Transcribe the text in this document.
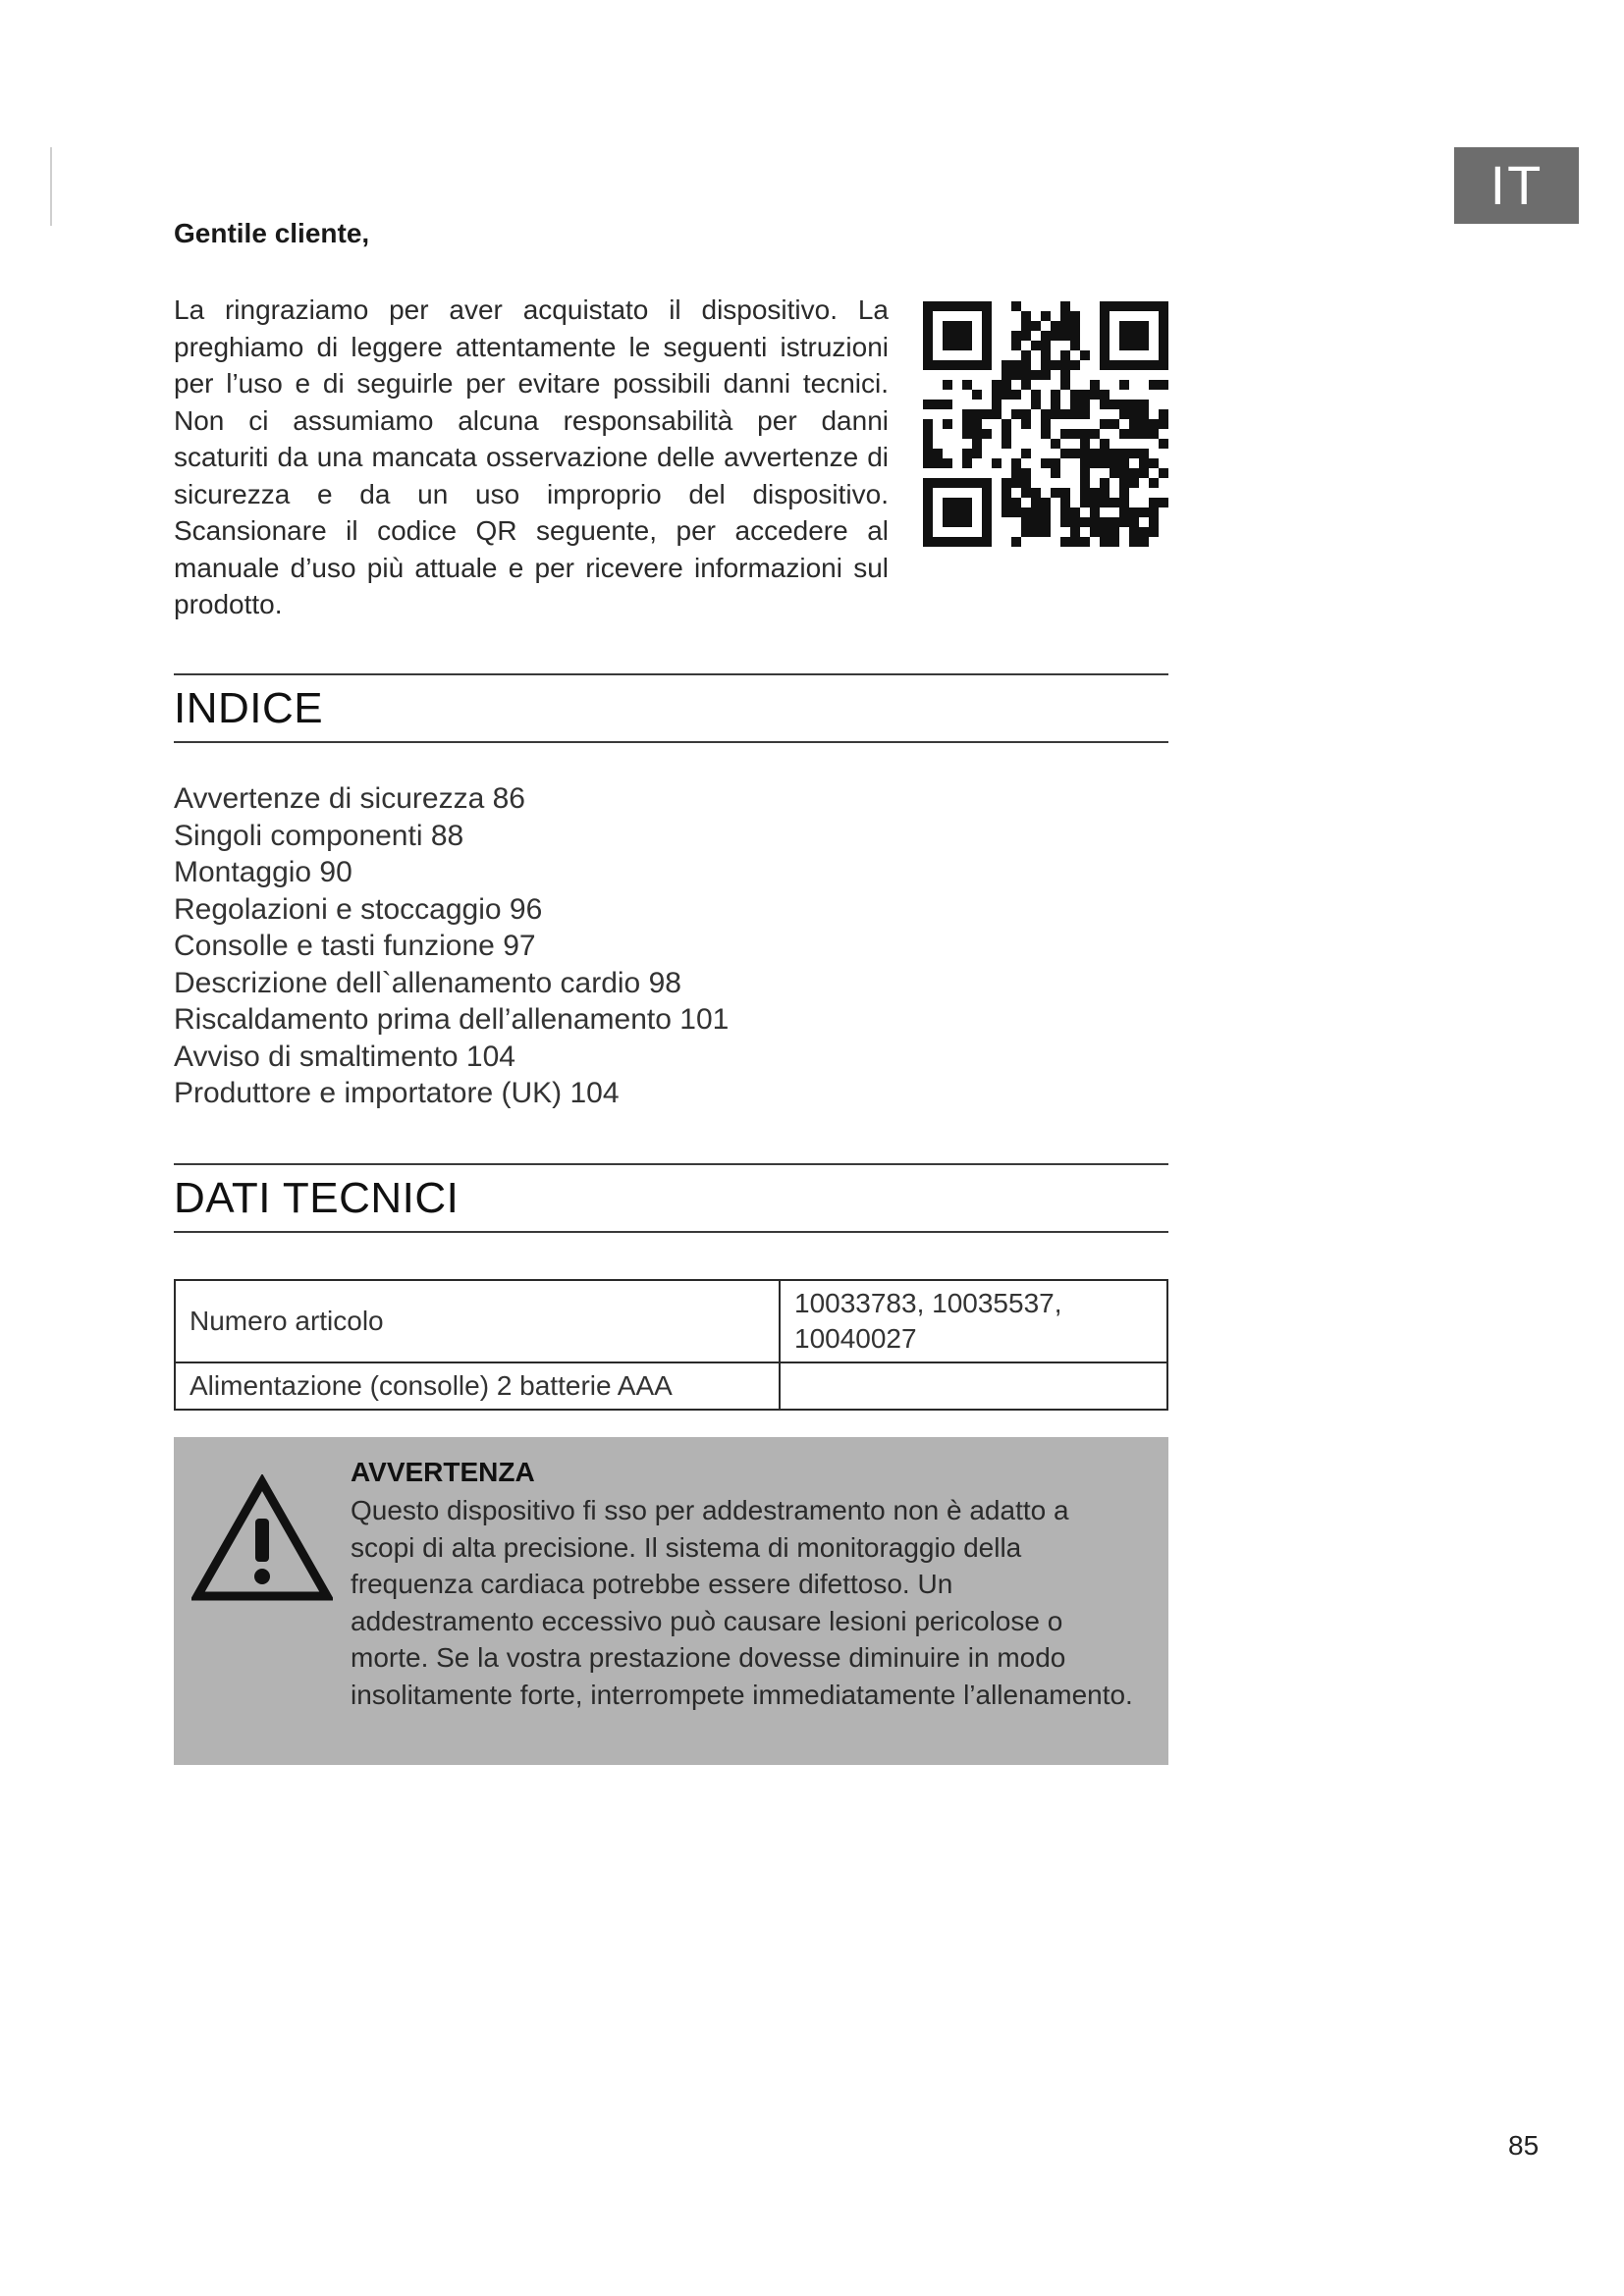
IT
Gentile cliente,

La ringraziamo per aver acquistato il dispositivo. La preghiamo di leggere attentamente le seguenti istruzioni per l’uso e di seguirle per evitare possibili danni tecnici. Non ci assumiamo alcuna responsabilità per danni scaturiti da una mancata osservazione delle avvertenze di sicurezza e da un uso improprio del dispositivo. Scansionare il codice QR seguente, per accedere al manuale d’uso più attuale e per ricevere informazioni sul prodotto.

INDICE
Avvertenze di sicurezza 86
Singoli componenti 88
Montaggio 90
Regolazioni e stoccaggio 96
Consolle e tasti funzione 97
Descrizione dell`allenamento cardio 98
Riscaldamento prima dell’allenamento 101
Avviso di smaltimento 104
Produttore e importatore (UK) 104
DATI TECNICI
Numero articolo	10033783, 10035537, 10040027
Alimentazione (consolle) 2 batterie AAA	
AVVERTENZA

Questo dispositivo fi sso per addestramento non è adatto a scopi di alta precisione. Il sistema di monitoraggio della frequenza cardiaca potrebbe essere difettoso. Un addestramento eccessivo può causare lesioni pericolose o morte. Se la vostra prestazione dovesse diminuire in modo insolitamente forte, interrompete immediatamente l’allenamento.

85
